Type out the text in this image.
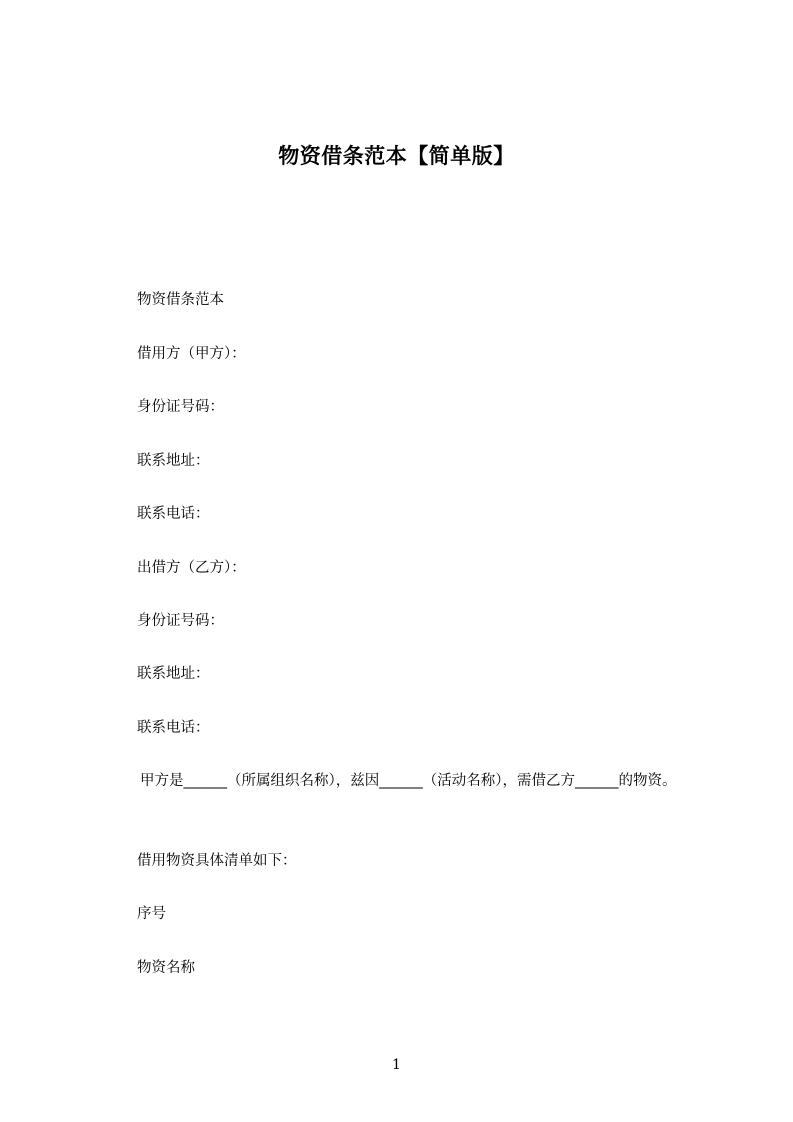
物资借条范本【简单版】
物资借条范本
借用方（甲方）：
身份证号码：
联系地址：
联系电话：
出借方（乙方）：
身份证号码：
联系地址：
联系电话：
甲方是______（所属组织名称），兹因______（活动名称），需借乙方______的物资。
借用物资具体清单如下：
序号
物资名称
1
